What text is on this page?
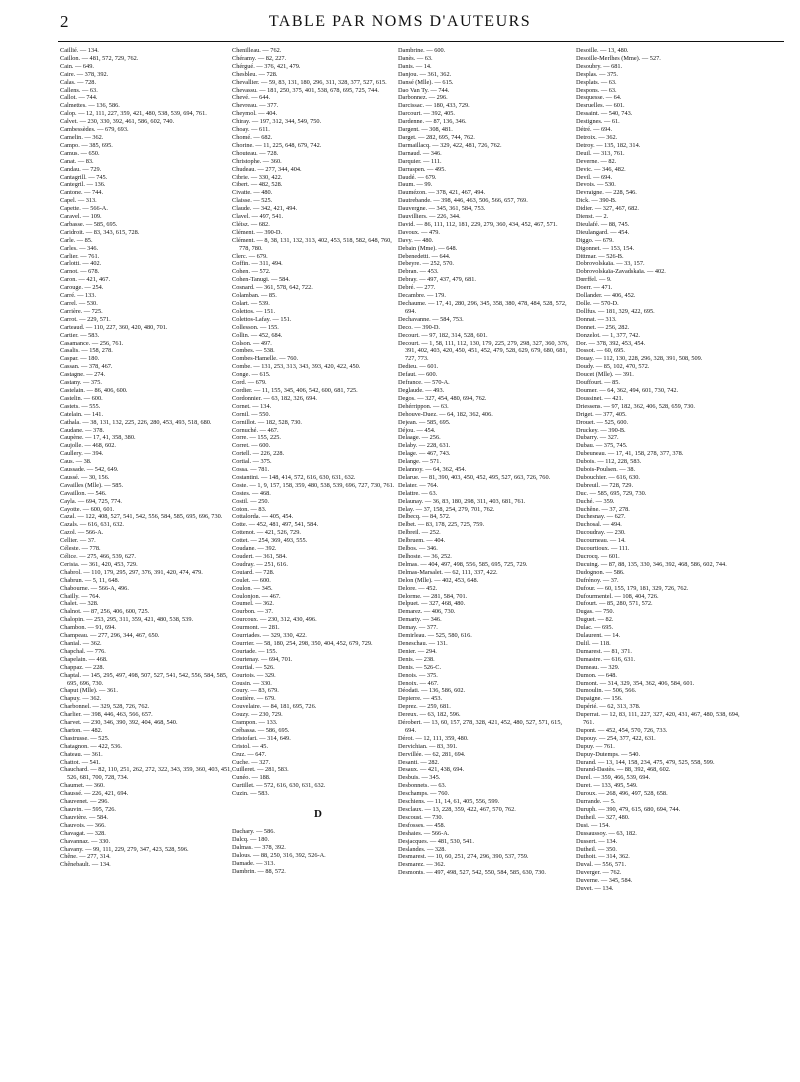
2	TABLE PAR NOMS D'AUTEURS

Caillié. — 134.

Caillon. — 481, 572, 729, 762.

Cain. — 649.

Caire. — 378, 392.

Calas. — 728.

Callens. — 63.

Callot. — 744.

Calmettes. — 136, 586.

Calop. — 12, 111, 227, 359, 421, 480, 538, 539, 694, 761.

Calvet. — 230, 330, 392, 461, 586, 602, 740.

Cambessèdes. — 679, 693.

Camelin. — 362.

Campo. — 385, 695.

Camus. — 650.

Canat. — 83.

Candau. — 729.

Cantagrill. — 745.

Cantegril. — 136.

Cantone. — 744.

Capel. — 313.

Capette. — 566-A.

Caravel. — 109.

Carbasse. — 585, 695.

Caridroit. — 83, 343, 615, 728.

Carle. — 85.

Carles. — 346.

Carlier. — 761.

Carlotti. — 402.

Carnot. — 678.

Caron. — 421, 467.

Carouge. — 254.

Carré. — 133.

Carrel. — 530.

Carrière. — 725.

Carrot. — 229, 571.

Carteaud. — 110, 227, 360, 420, 480, 701.

Cartier. — 583.

Casamance. — 256, 761.

Casalis. — 158, 278.

Caspar. — 180.

Cassan. — 378, 467.

Castagne. — 274.

Castany. — 375.

Castelain. — 86, 406, 600.

Castelin. — 600.

Castets. — 555.

Catelain. — 141.

Cathala. — 38, 131, 132, 225, 226, 280, 453, 493, 518, 680.

Caudane. — 378.

Caupène. — 17, 41, 358, 380.

Caujolle. — 468, 602.

Caullery. — 394.

Caus. — 38.

Caussade. — 542, 649.

Caussé. — 30, 156.

Cavailles (Mlle). — 585.

Cavaillon. — 546.

Cayla. — 694, 725, 774.

Cayotte. — 600, 601.

Cazal. — 122, 408, 527, 541, 542, 556, 584, 585, 695, 696, 730.

Cazals. — 616, 631, 632.

Cazol. — 566-A.

Cellier. — 37.

Céleste. — 778.

Célice. — 275, 466, 539, 627.

Cerisia. — 361, 420, 453, 729.

Chabrol. — 110, 179, 295, 297, 376, 391, 420, 474, 479.

Chabrun. — 5, 11, 648.

Chabourne. — 566-A, 496.

Chailly. — 764.

Chalet. — 328.

Chalnot. — 87, 256, 406, 600, 725.

Chalopin. — 253, 295, 311, 359, 421, 480, 538, 539.

Chambon. — 91, 694.

Champeau. — 277, 296, 344, 467, 650.

Chanial. — 362.

Chapchal. — 776.

Chapelain. — 468.

Chappaz. — 228.

Chaptal. — 145, 295, 497, 498, 507, 527, 541, 542, 556, 584, 585, 695, 696, 730.

Chaput (Mlle). — 361.

Chapuy. — 362.

Charbonnel. — 329, 528, 726, 762.

Charlier. — 398, 446, 463, 566, 657.

Charvet. — 230, 346, 390, 392, 404, 468, 540.

Charton. — 482.

Chastrusse. — 525.

Chatagnon. — 422, 536.

Chateau. — 361.

Chattot. — 541.

Chauchard. — 82, 110, 251, 262, 272, 322, 343, 359, 360, 403, 451, 526, 681, 700, 728, 734.

Chaumet. — 360.

Chaussé. — 226, 421, 694.

Chauvenet. — 296.

Chauvin. — 595, 726.

Chauvière. — 584.

Chauvois. — 366.

Chavagat. — 328.

Chavannaz. — 330.

Chavany. — 99, 111, 229, 279, 347, 423, 528, 596.

Chêne. — 277, 314.

Chênebault. — 134.

Chenilleau. — 762.

Chéramy. — 82, 227.

Chérgué. — 376, 421, 479.

Chesbleu. — 728.

Chevallier. — 59, 83, 131, 180, 296, 311, 328, 377, 527, 615.

Chevassu. — 181, 250, 375, 401, 538, 678, 695, 725, 744.

Chevé. — 644.

Chevreau. — 377.

Cheymol. — 404.

Chiray. — 197, 312, 344, 549, 750.

Choay. — 611.

Chomé. — 682.

Chorine. — 11, 225, 648, 679, 742.

Chouteau. — 728.

Christophe. — 360.

Chudeau. — 277, 344, 404.

Cibrie. — 330, 422.

Cibert. — 482, 528.

Civatte. — 480.

Claisse. — 525.

Claude. — 342, 421, 494.

Clavel. — 497, 541.

Cléisz. — 682.

Clément. — 390-D.

Clément. — 8, 38, 131, 132, 313, 402, 453, 518, 582, 648, 760, 778, 780.

Clerc. — 679.

Coffin. — 311, 494.

Cohen. — 572.

Cohen-Tanugi. — 584.

Cosnard. — 361, 578, 642, 722.

Colamban. — 85.

Colart. — 539.

Colettos. — 151.

Colettos-Lafay. — 151.

Collesson. — 155.

Collin. — 452, 684.

Colson. — 497.

Combes. — 538.

Combes-Hamelle. — 760.

Combe. — 131, 253, 313, 343, 393, 420, 422, 450.

Conge. — 615.

Cord. — 679.

Cordier. — 11, 155, 345, 406, 542, 600, 681, 725.

Cordonnier. — 63, 182, 326, 694.

Cornet. — 134.

Cornil. — 550.

Cornillot. — 182, 528, 730.

Cornuché. — 467.

Corre. — 155, 225.

Corret. — 600.

Cortell. — 226, 228.

Cortial. — 375.

Cossa. — 781.

Costantini. — 148, 414, 572, 616, 630, 631, 632.

Coste. — 1, 9, 157, 158, 359, 480, 538, 539, 696, 727, 730, 761.

Costes. — 468.

Costil. — 250.

Coton. — 83.

Cottalorda. — 405, 454.

Cotte. — 452, 481, 497, 541, 584.

Cottenot. — 421, 526, 729.

Cottet. — 254, 369, 493, 555.

Coudane. — 392.

Coudert. — 361, 584.

Coudray. — 251, 616.

Couiard. — 728.

Coulet. — 600.

Coulon. — 345.

Coulonjon. — 467.

Coumel. — 362.

Courbon. — 37.

Courcoux. — 230, 312, 430, 496.

Courmont. — 281.

Courriades. — 329, 330, 422.

Courrier. — 58, 180, 254, 298, 350, 404, 452, 679, 729.

Courtade. — 155.

Courtenay. — 694, 701.

Courtial. — 526.

Courtois. — 329.

Cousin. — 330.

Coury. — 83, 679.

Coutière. — 679.

Couvelaire. — 84, 181, 695, 726.

Couzy. — 230, 729.

Crampon. — 133.

Crébassa. — 586, 695.

Cristofari. — 314, 649.

Cristol. — 45.

Cruz. — 647.

Cuche. — 327.

Cuilleret. — 281, 583.

Cunéo. — 188.

Curtillet. — 572, 616, 630, 631, 632.

Cuzin. — 583.

D

Dachary. — 586.

Dalcq. — 180.

Dalmas. — 378, 392.

Dalous. — 88, 250, 316, 392, 526-A.

Damade. — 313.

Dambrin. — 88, 572.

Dambrine. — 600.

Danès. — 63.

Danis. — 14.

Danjou. — 361, 362.

Dansé (Mlle). — 615.

Dao Van Ty. — 744.

Darbonnez. — 296.

Darcissac. — 180, 433, 729.

Darcourt. — 392, 405.

Dardenne. — 87, 136, 346.

Dargent. — 308, 481.

Darget. — 282, 695, 744, 762.

Darmaillacq. — 329, 422, 481, 726, 762.

Darnaud. — 346.

Darquier. — 111.

Darraspen. — 495.

Daudé. — 679.

Daum. — 99.

Daumézon. — 378, 421, 467, 494.

Dautrebande. — 398, 446, 463, 506, 566, 657, 769.

Dauvergne. — 345, 361, 584, 753.

Dauvilliers. — 226, 344.

David. — 86, 111, 112, 181, 229, 279, 360, 434, 452, 467, 571.

Davoux. — 479.

Davy. — 480.

Debain (Mme). — 648.

Debenedetti. — 644.

Debeyre. — 252, 570.

Debran. — 453.

Debray. — 497, 437, 479, 681.

Debré. — 277.

Decambre. — 179.

Dechaume. — 17, 41, 280, 296, 345, 358, 380, 478, 484, 528, 572, 694.

Dechavanne. — 584, 753.

Deco. — 390-D.

Decourt. — 97, 182, 314, 528, 601.

Decourt. — 1, 58, 111, 112, 130, 179, 225, 279, 298, 327, 360, 376, 391, 402, 403, 420, 450, 451, 452, 479, 528, 629, 679, 680, 681, 727, 773.

Dedieu. — 601.

Defaut. — 600.

Defrance. — 570-A.

Deglaude. — 493.

Degos. — 327, 454, 480, 694, 762.

Dehérrippon. — 63.

Dehouve-Duez. — 64, 182, 362, 406.

Dejean. — 585, 695.

Déjou. — 454.

Delaage. — 256.

Delaby. — 228, 631.

Delage. — 467, 743.

Delange. — 571.

Delannoy. — 64, 362, 454.

Delarue. — 81, 390, 403, 450, 452, 495, 527, 663, 726, 760.

Delater. — 764.

Delattre. — 63.

Delaunay. — 36, 83, 180, 298, 311, 403, 681, 761.

Delay. — 37, 158, 254, 279, 701, 762.

Delbecq. — 84, 572.

Delbet. — 83, 178, 225, 725, 759.

Delbreil. — 252.

Delbruem. — 404.

Delbos. — 346.

Delhoste. — 36, 252.

Delmas. — 404, 497, 498, 556, 585, 695, 725, 729.

Delmas-Marsalet. — 62, 111, 337, 422.

Delon (Mlle). — 402, 453, 648.

Delore. — 452.

Delorme. — 281, 584, 701.

Delpuet. — 327, 468, 480.

Demarez. — 406, 730.

Demarty. — 346.

Demay. — 377.

Demirleau. — 525, 580, 616.

Deneschau. — 131.

Denier. — 294.

Denis. — 238.

Denis. — 526-C.

Denois. — 375.

Denoix. — 467.

Déodati. — 136, 586, 602.

Depierre. — 453.

Deprez. — 259, 681.

Dereux. — 63, 182, 596.

Dérobert. — 13, 60, 157, 278, 328, 421, 452, 480, 527, 571, 615, 694.

Dérot. — 12, 111, 359, 480.

Dervichian. — 83, 391.

Dervillée. — 62, 281, 694.

Desanti. — 282.

Desaux. — 421, 438, 694.

Desbuis. — 345.

Desbonnets. — 63.

Deschamps. — 760.

Deschiens. — 11, 14, 61, 405, 556, 599.

Desclaux. — 13, 228, 359, 422, 467, 570, 762.

Descoust. — 730.

Desfosses. — 458.

Deshaies. — 566-A.

Desjacques. — 481, 530, 541.

Deslandes. — 328.

Desmarest. — 10, 60, 251, 274, 296, 390, 537, 759.

Desmarez. — 362.

Desmonts. — 497, 498, 527, 542, 550, 584, 585, 630, 730.

Desoille. — 13, 480.

Desoille-Merlhes (Mme). — 527.

Desoubry. — 681.

Desplas. — 375.

Desplats. — 63.

Despons. — 63.

Desquesse. — 64.

Desruelles. — 601.

Dessaint. — 540, 743.

Destignes. — 61.

Détré. — 694.

Detroix. — 362.

Detroy. — 135, 182, 314.

Deuil. — 313, 761.

Deverne. — 82.

Devic. — 346, 482.

Devil. — 694.

Devois. — 530.

Devraigne. — 228, 546.

Dick. — 390-B.

Didier. — 327, 467, 682.

Dienst. — 2.

Dieulafé. — 88, 745.

Dieulangard. — 454.

Diggo. — 679.

Digonnet. — 153, 154.

Dittmar. — 526-B.

Dobrovolskaïa. — 33, 157.

Dobrovolskaïa-Zavadskaïa. — 402.

Dœrffel. — 9.

Doerr. — 471.

Dollander. — 406, 452.

Dolle. — 570-D.

Dollfus. — 181, 329, 422, 695.

Donnat. — 313.

Donnet. — 256, 282.

Donzelot. — 1, 377, 742.

Dor. — 378, 392, 453, 454.

Dossot. — 60, 695.

Douay. — 112, 130, 228, 296, 328, 391, 508, 509.

Doudy. — 85, 102, 470, 572.

Doucet (Mlle). — 391.

Douffourt. — 85.

Doumer. — 64, 362, 494, 601, 730, 742.

Doussinet. — 421.

Driessens. — 97, 182, 362, 406, 528, 659, 730.

Driget. — 377, 405.

Drouet. — 525, 600.

Druckey. — 390-B.

Dubarry. — 327.

Dubau. — 375, 745.

Dubeuneau. — 17, 41, 158, 278, 377, 378.

Dubois. — 112, 228, 583.

Dubois-Poulsen. — 38.

Dubouchier. — 616, 630.

Dubreuil. — 728, 729.

Duc. — 585, 695, 729, 730.

Duché. — 359.

Duchêne. — 37, 278.

Duchesnay. — 627.

Duchosal. — 494.

Ducoudray. — 230.

Ducourneau. — 14.

Ducourtioux. — 111.

Ducrocq. — 601.

Ducuing. — 87, 88, 135, 330, 346, 392, 468, 586, 602, 744.

Dudognon. — 586.

Dufrénoy. — 37.

Dufour. — 60, 155, 179, 181, 329, 726, 762.

Dufourmentel. — 108, 404, 726.

Dufourt. — 85, 280, 571, 572.

Dugas. — 750.

Duguet. — 82.

Dulac. — 695.

Dulaurent. — 14.

Dulil. — 118.

Dumarest. — 81, 371.

Dumastre. — 616, 631.

Dumeau. — 329.

Dumon. — 648.

Dumont. — 314, 329, 354, 362, 406, 584, 601.

Dumoulin. — 506, 566.

Dupaigne. — 156.

Dupérié. — 62, 313, 378.

Duperrat. — 12, 83, 111, 227, 327, 420, 431, 467, 480, 538, 694, 761.

Dupont. — 452, 454, 570, 726, 733.

Dupouy. — 254, 377, 422, 631.

Dupuy. — 761.

Dupuy-Dutemps. — 540.

Durand. — 13, 144, 158, 234, 475, 479, 525, 558, 599.

Durand-Dastès. — 88, 392, 468, 602.

Durel. — 359, 466, 539, 694.

Duret. — 133, 495, 549.

Duroux. — 268, 496, 497, 528, 658.

Durrande. — 5.

Duruph. — 390, 479, 615, 680, 694, 744.

Dutheil. — 327, 480.

Dusi. — 154.

Dussaussoy. — 63, 182.

Dussert. — 134.

Dutheil. — 350.

Duthoit. — 314, 362.

Duval. — 556, 571.

Duverger. — 762.

Duverne. — 345, 584.

Duvet. — 134.
